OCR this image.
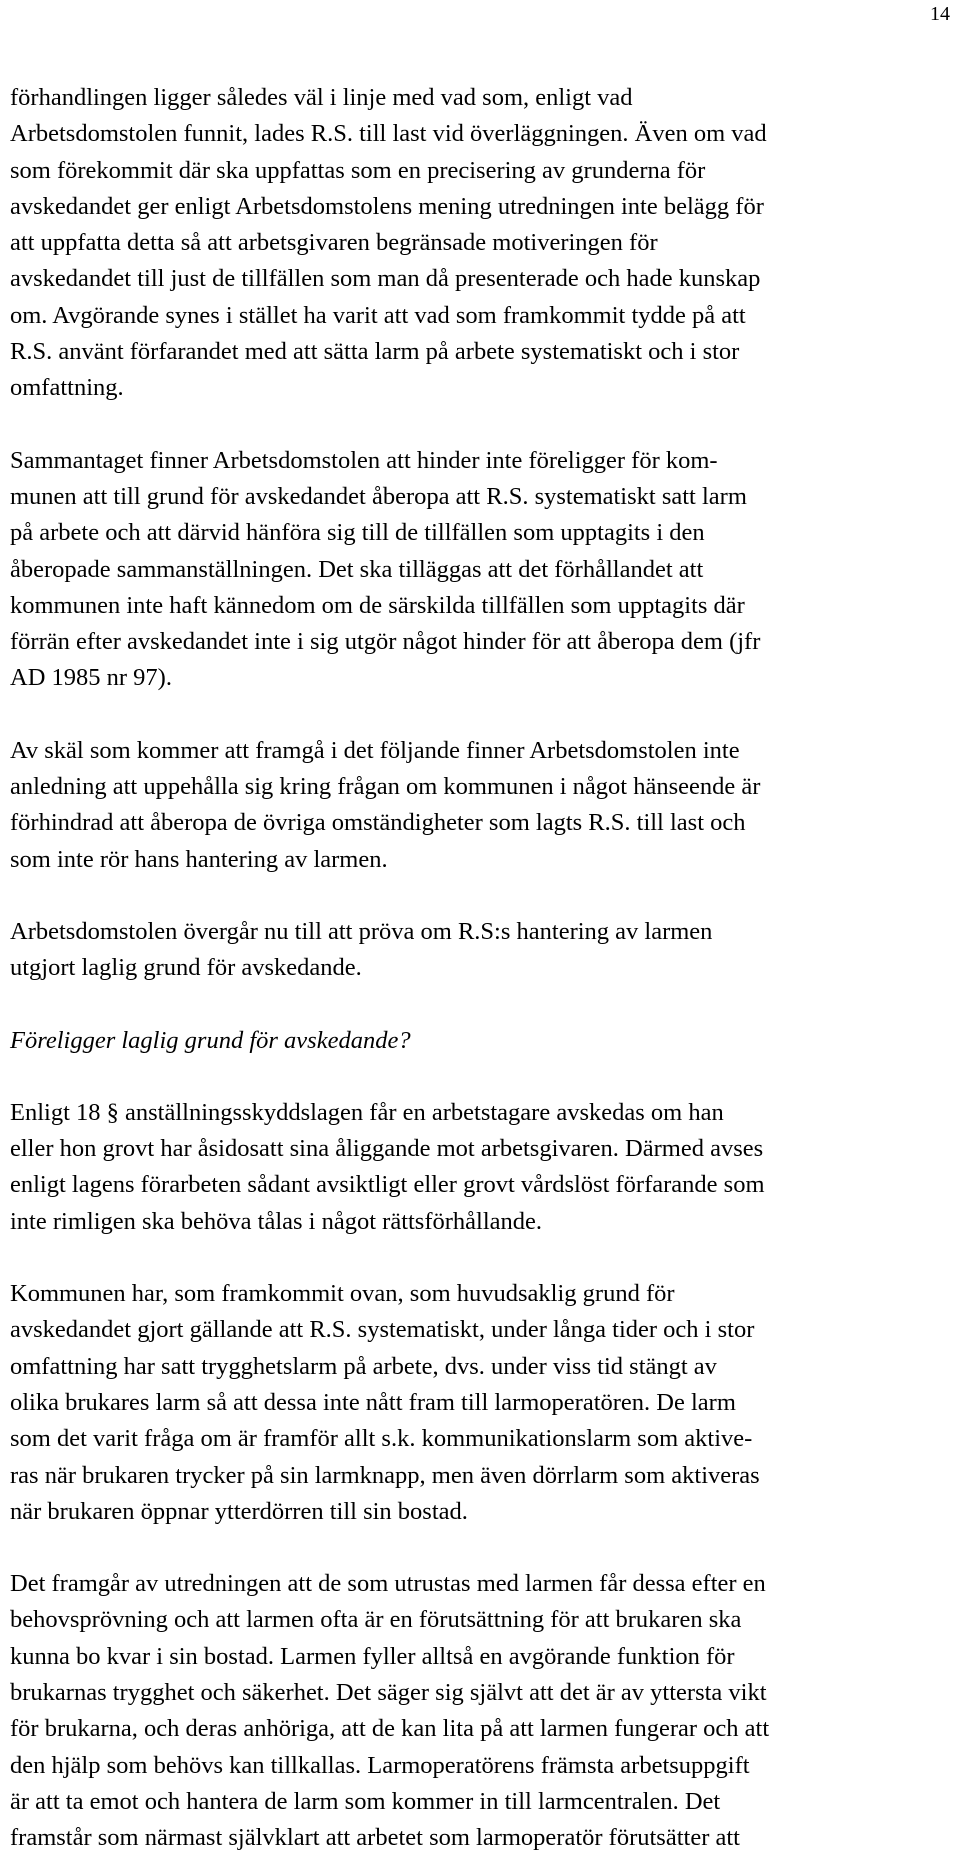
14

förhandlingen ligger således väl i linje med vad som, enligt vad
Arbetsdomstolen funnit, lades R.S. till last vid överläggningen. Även om vad
som förekommit där ska uppfattas som en precisering av grunderna för
avskedandet ger enligt Arbetsdomstolens mening utredningen inte belägg för
att uppfatta detta så att arbetsgivaren begränsade motiveringen för
avskedandet till just de tillfällen som man då presenterade och hade kunskap
om. Avgörande synes i stället ha varit att vad som framkommit tydde på att
R.S. använt förfarandet med att sätta larm på arbete systematiskt och i stor
omfattning.

Sammantaget finner Arbetsdomstolen att hinder inte föreligger för kom-
munen att till grund för avskedandet åberopa att R.S. systematiskt satt larm
på arbete och att därvid hänföra sig till de tillfällen som upptagits i den
åberopade sammanställningen. Det ska tilläggas att det förhållandet att
kommunen inte haft kännedom om de särskilda tillfällen som upptagits där
förrän efter avskedandet inte i sig utgör något hinder för att åberopa dem (jfr
AD 1985 nr 97).

Av skäl som kommer att framgå i det följande finner Arbetsdomstolen inte
anledning att uppehålla sig kring frågan om kommunen i något hänseende är
förhindrad att åberopa de övriga omständigheter som lagts R.S. till last och
som inte rör hans hantering av larmen.

Arbetsdomstolen övergår nu till att pröva om R.S:s hantering av larmen
utgjort laglig grund för avskedande.

Föreligger laglig grund för avskedande?

Enligt 18 § anställningsskyddslagen får en arbetstagare avskedas om han
eller hon grovt har åsidosatt sina åliggande mot arbetsgivaren. Därmed avses
enligt lagens förarbeten sådant avsiktligt eller grovt vårdslöst förfarande som
inte rimligen ska behöva tålas i något rättsförhållande.

Kommunen har, som framkommit ovan, som huvudsaklig grund för
avskedandet gjort gällande att R.S. systematiskt, under långa tider och i stor
omfattning har satt trygghetslarm på arbete, dvs. under viss tid stängt av
olika brukares larm så att dessa inte nått fram till larmoperatören. De larm
som det varit fråga om är framför allt s.k. kommunikationslarm som aktive-
ras när brukaren trycker på sin larmknapp, men även dörrlarm som aktiveras
när brukaren öppnar ytterdörren till sin bostad.

Det framgår av utredningen att de som utrustas med larmen får dessa efter en
behovsprövning och att larmen ofta är en förutsättning för att brukaren ska
kunna bo kvar i sin bostad. Larmen fyller alltså en avgörande funktion för
brukarnas trygghet och säkerhet. Det säger sig självt att det är av yttersta vikt
för brukarna, och deras anhöriga, att de kan lita på att larmen fungerar och att
den hjälp som behövs kan tillkallas. Larmoperatörens främsta arbetsuppgift
är att ta emot och hantera de larm som kommer in till larmcentralen. Det
framstår som närmast självklart att arbetet som larmoperatör förutsätter att
